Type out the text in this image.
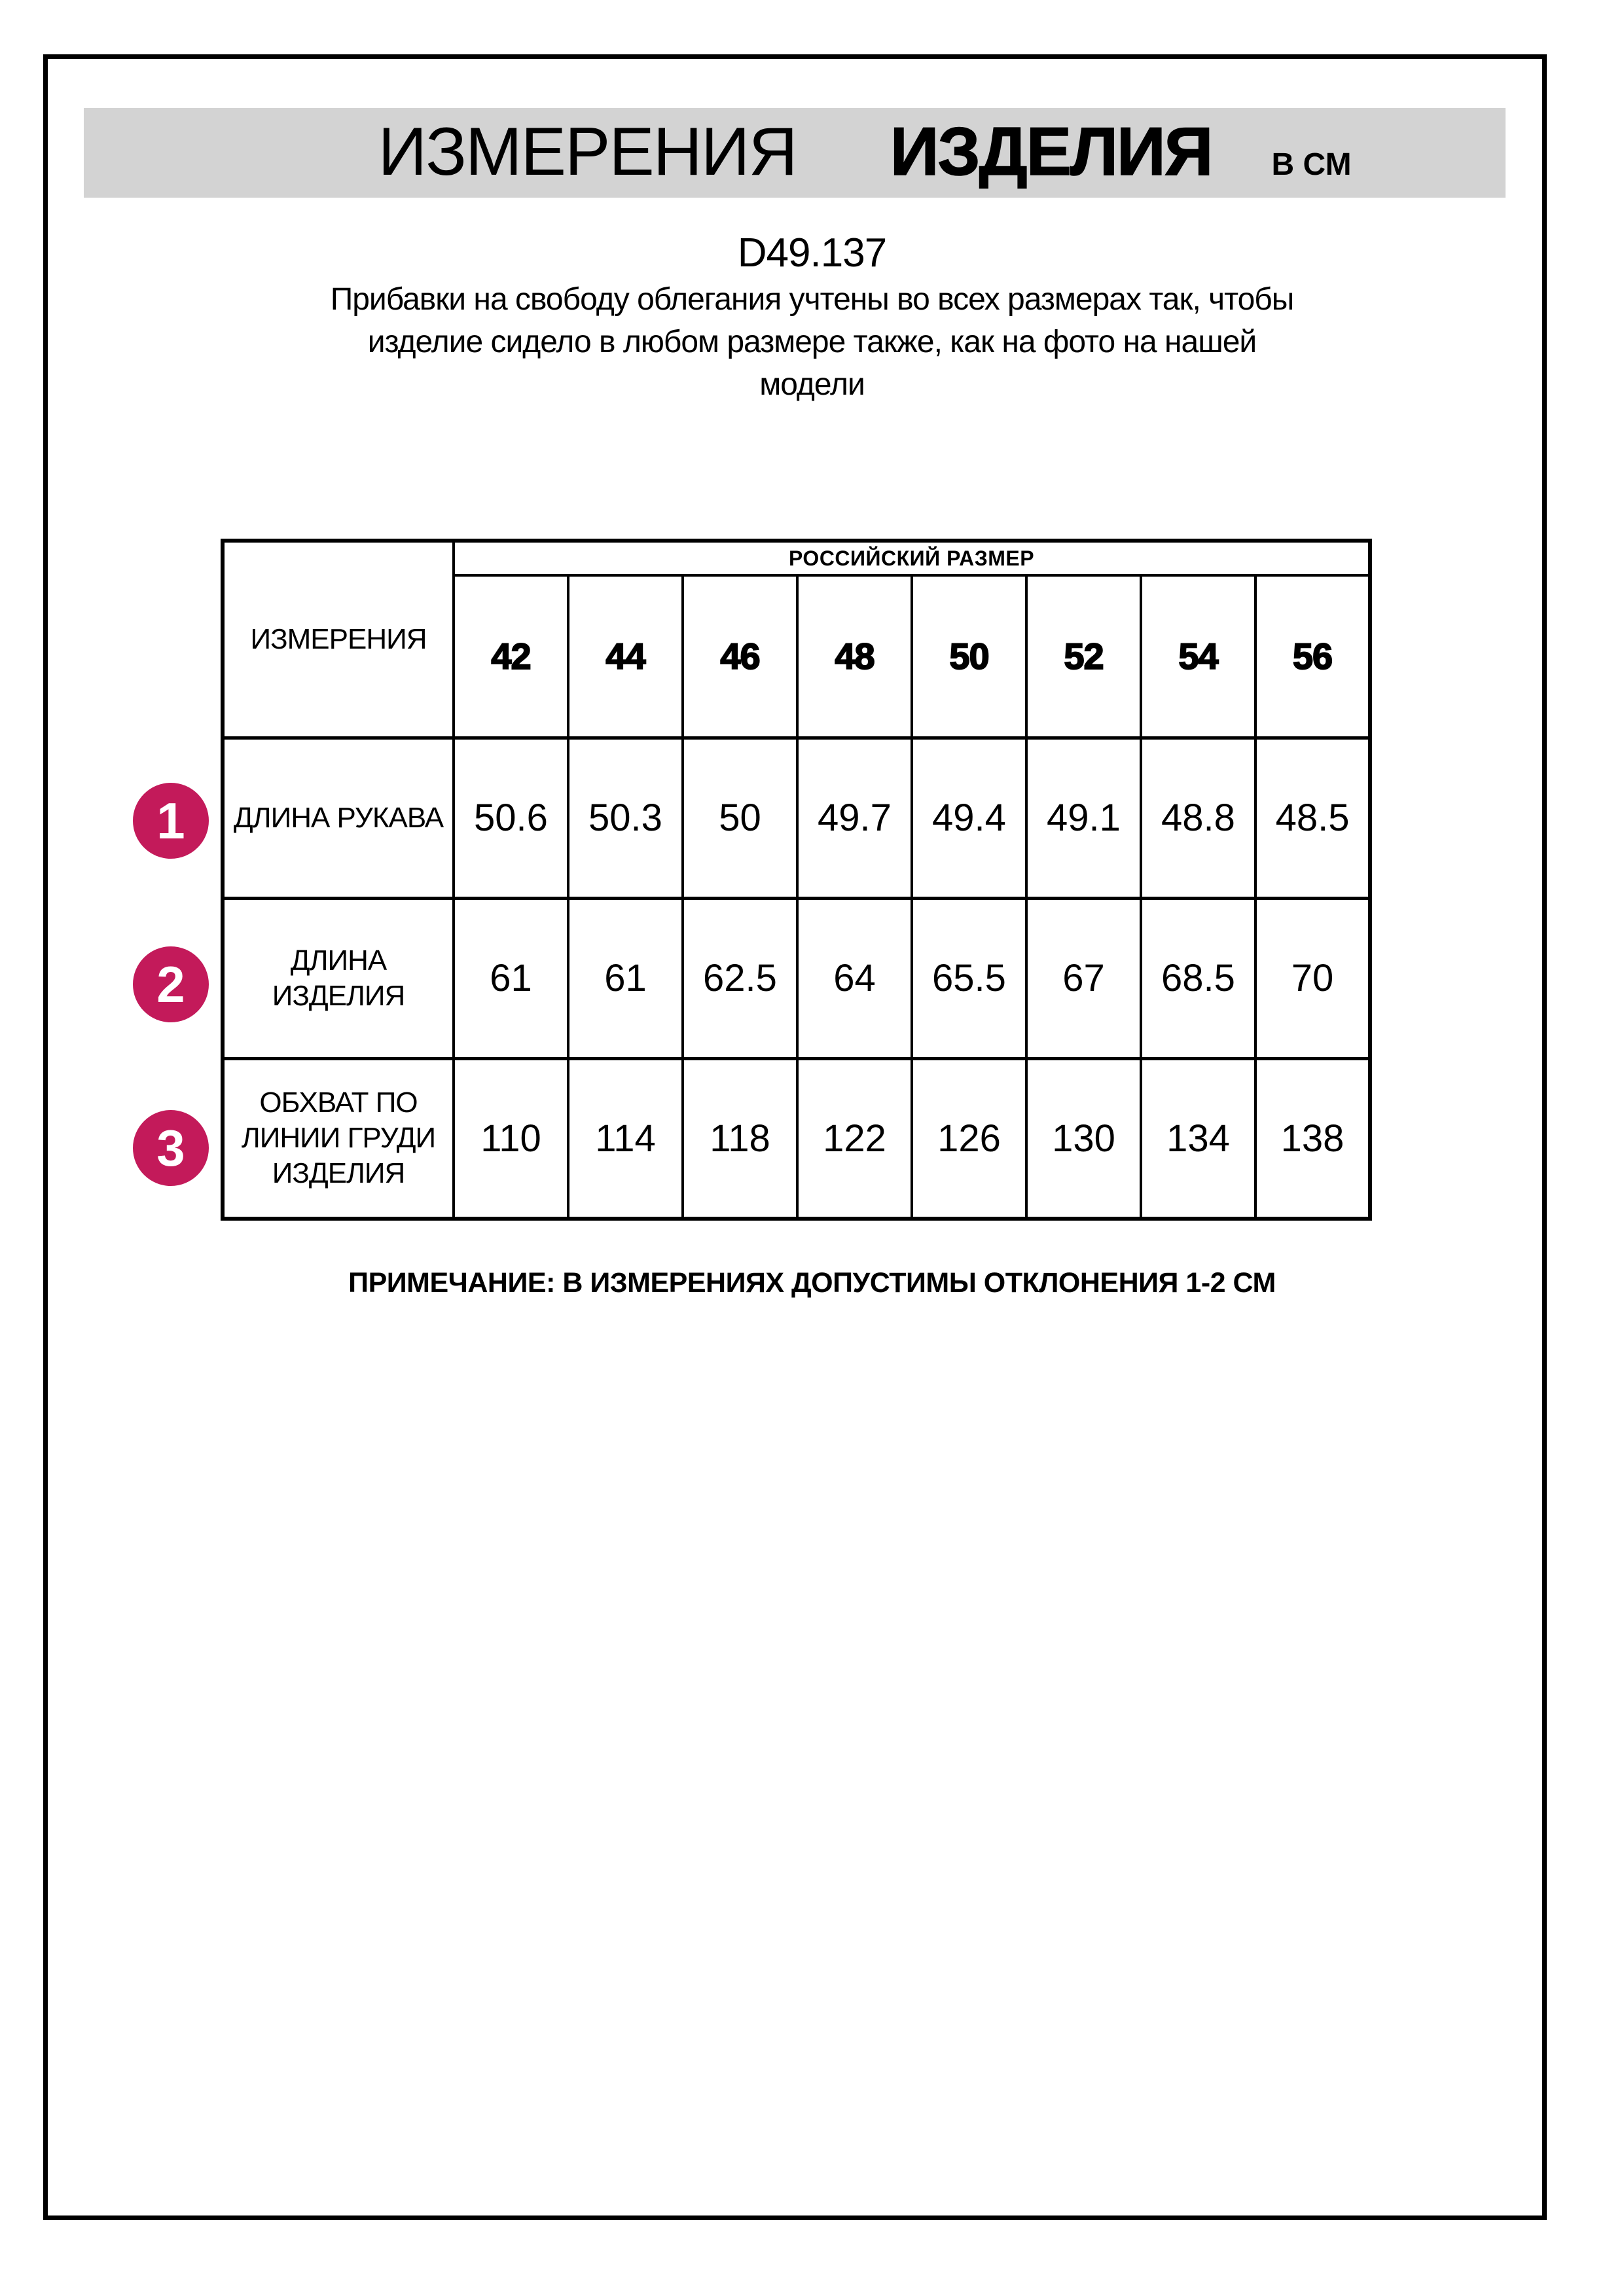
ИЗМЕРЕНИЯ ИЗДЕЛИЯ В СМ
D49.137
Прибавки на свободу облегания учтены во всех размерах так, чтобы
изделие сидело в любом размере также, как на фото на нашей
модели
ИЗМЕРЕНИЯ	РОССИЙСКИЙ РАЗМЕР							
	42	44	46	48	50	52	54	56

ДЛИНА РУКАВА	50.6	50.3	50	49.7	49.4	49.1	48.8	48.5

ДЛИНА
ИЗДЕЛИЯ	61	61	62.5	64	65.5	67	68.5	70

ОБХВАТ ПО
ЛИНИИ ГРУДИ
ИЗДЕЛИЯ	110	114	118	122	126	130	134	138
1
2
3
ПРИМЕЧАНИЕ: В ИЗМЕРЕНИЯХ ДОПУСТИМЫ ОТКЛОНЕНИЯ 1-2 СМ
